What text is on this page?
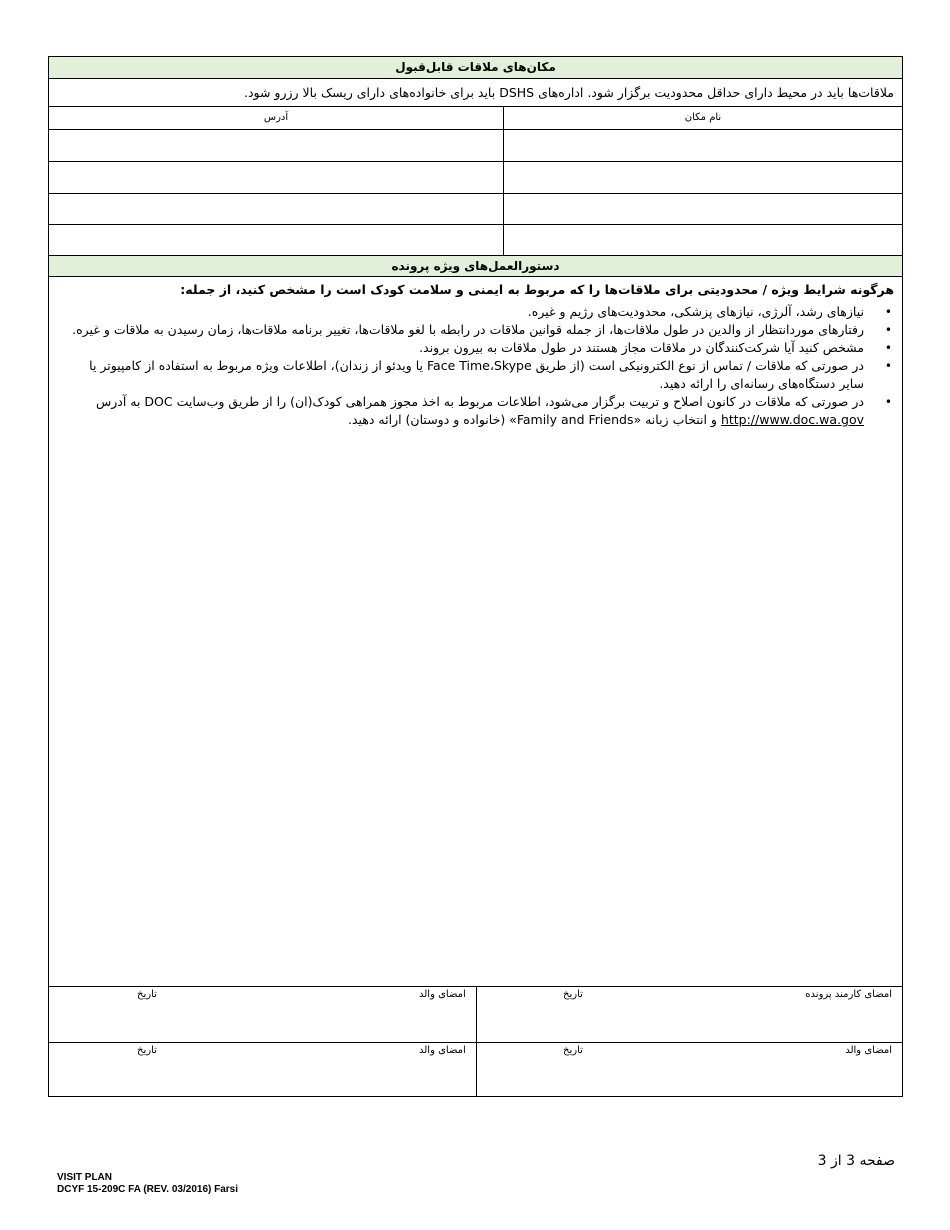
مکان‌های ملاقات قابل‌قبول
ملاقات‌ها باید در محیط دارای حداقل محدودیت برگزار شود. اداره‌های DSHS باید برای خانواده‌های دارای ریسک بالا رزرو شود.
آدرس	نام مکان
دستورالعمل‌های ویژه پرونده
هرگونه شرایط ویژه / محدودیتی برای ملاقات‌ها را که مربوط به ایمنی و سلامت کودک است را مشخص کنید، از جمله:
• نیازهای رشد، آلرژی، نیازهای پزشکی، محدودیت‌های رژیم و غیره.
• رفتارهای موردانتظار از والدین در طول ملاقات‌ها، از جمله قوانین ملاقات در رابطه با لغو ملاقات‌ها، تغییر برنامه ملاقات‌ها، زمان رسیدن به ملاقات و غیره.
• مشخص کنید آیا شرکت‌کنندگان در ملاقات مجاز هستند در طول ملاقات به بیرون بروند.
• در صورتی که ملاقات / تماس از نوع الکترونیکی است (از طریق Face Time،Skype یا ویدئو از زندان)، اطلاعات ویژه مربوط به استفاده از کامپیوتر یا سایر دستگاه‌های رسانه‌ای را ارائه دهید.
• در صورتی که ملاقات در کانون اصلاح و تربیت برگزار می‌شود، اطلاعات مربوط به اخذ مجوز همراهی کودک(ان) را از طریق وب‌سایت DOC به آدرس http://www.doc.wa.gov و انتخاب زبانه «Family and Friends» (خانواده و دوستان) ارائه دهید.
امضای کارمند پرونده
تاریخ
امضای والد
تاریخ
امضای والد
تاریخ
امضای والد
تاریخ
صفحه 3 از 3
VISIT PLAN
DCYF 15-209C FA (REV. 03/2016) Farsi
